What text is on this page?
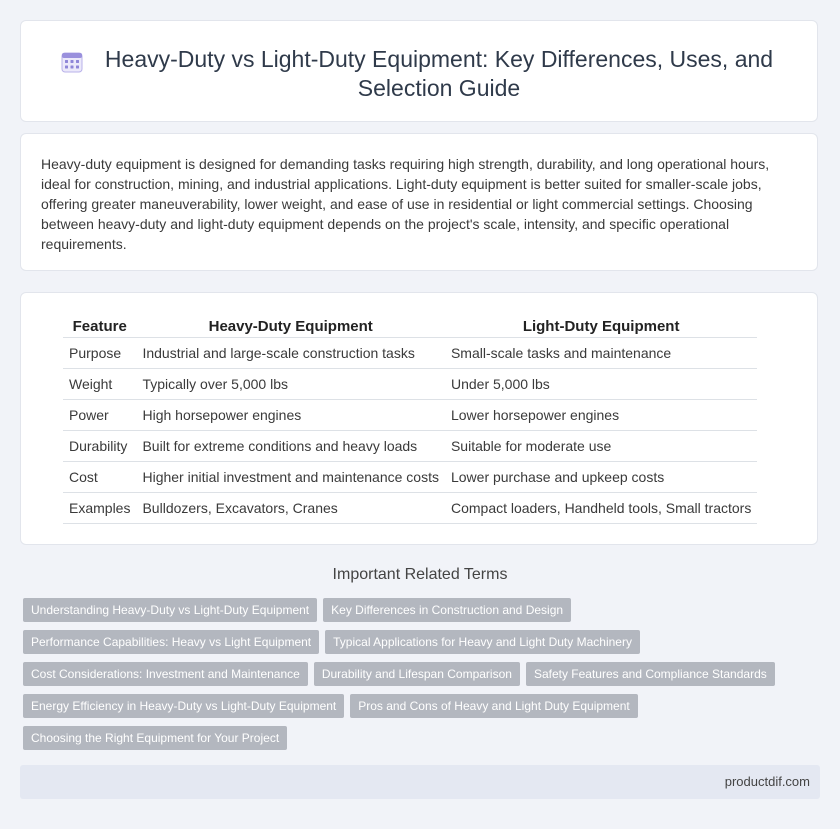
Heavy-Duty vs Light-Duty Equipment: Key Differences, Uses, and Selection Guide

Heavy-duty equipment is designed for demanding tasks requiring high strength, durability, and long operational hours, ideal for construction, mining, and industrial applications. Light-duty equipment is better suited for smaller-scale jobs, offering greater maneuverability, lower weight, and ease of use in residential or light commercial settings. Choosing between heavy-duty and light-duty equipment depends on the project's scale, intensity, and specific operational requirements.

Feature	Heavy-Duty Equipment	Light-Duty Equipment
Purpose	Industrial and large-scale construction tasks	Small-scale tasks and maintenance
Weight	Typically over 5,000 lbs	Under 5,000 lbs
Power	High horsepower engines	Lower horsepower engines
Durability	Built for extreme conditions and heavy loads	Suitable for moderate use
Cost	Higher initial investment and maintenance costs	Lower purchase and upkeep costs
Examples	Bulldozers, Excavators, Cranes	Compact loaders, Handheld tools, Small tractors
Important Related Terms
Understanding Heavy-Duty vs Light-Duty Equipment Key Differences in Construction and Design
Performance Capabilities: Heavy vs Light Equipment Typical Applications for Heavy and Light Duty Machinery
Cost Considerations: Investment and Maintenance Durability and Lifespan Comparison Safety Features and Compliance Standards
Energy Efficiency in Heavy-Duty vs Light-Duty Equipment Pros and Cons of Heavy and Light Duty Equipment
Choosing the Right Equipment for Your Project
productdif.com
